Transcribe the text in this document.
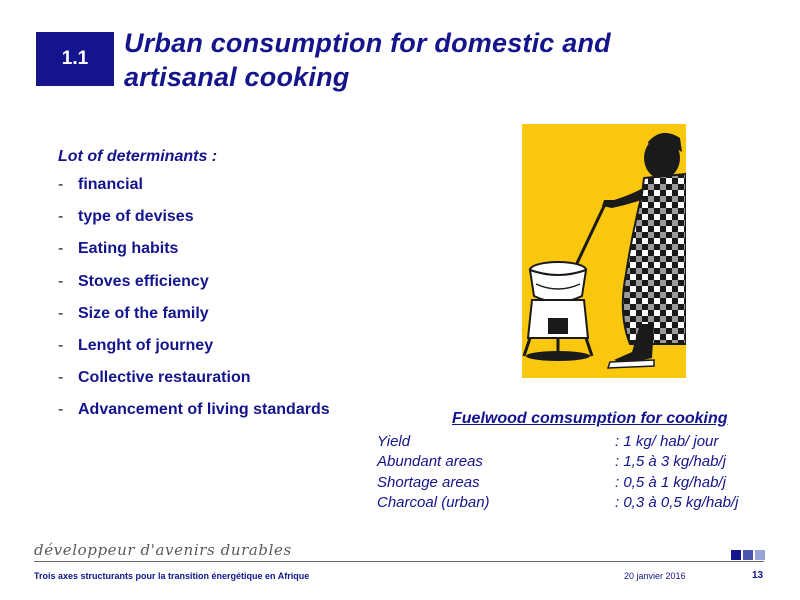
1.1
Urban consumption for domestic and
artisanal cooking
Lot of determinants :
- financial
- type of devises
- Eating habits
- Stoves efficiency
- Size of the family
- Lenght of journey
- Collective restauration
- Advancement of living standards
Fuelwood comsumption for cooking
Yield	: 1 kg/ hab/ jour
Abundant areas	: 1,5 à 3 kg/hab/j
Shortage areas	: 0,5 à 1 kg/hab/j
Charcoal (urban)	: 0,3 à 0,5 kg/hab/j
développeur d'avenirs durables
Trois axes structurants pour la transition énergétique en Afrique	20 janvier 2016	13
